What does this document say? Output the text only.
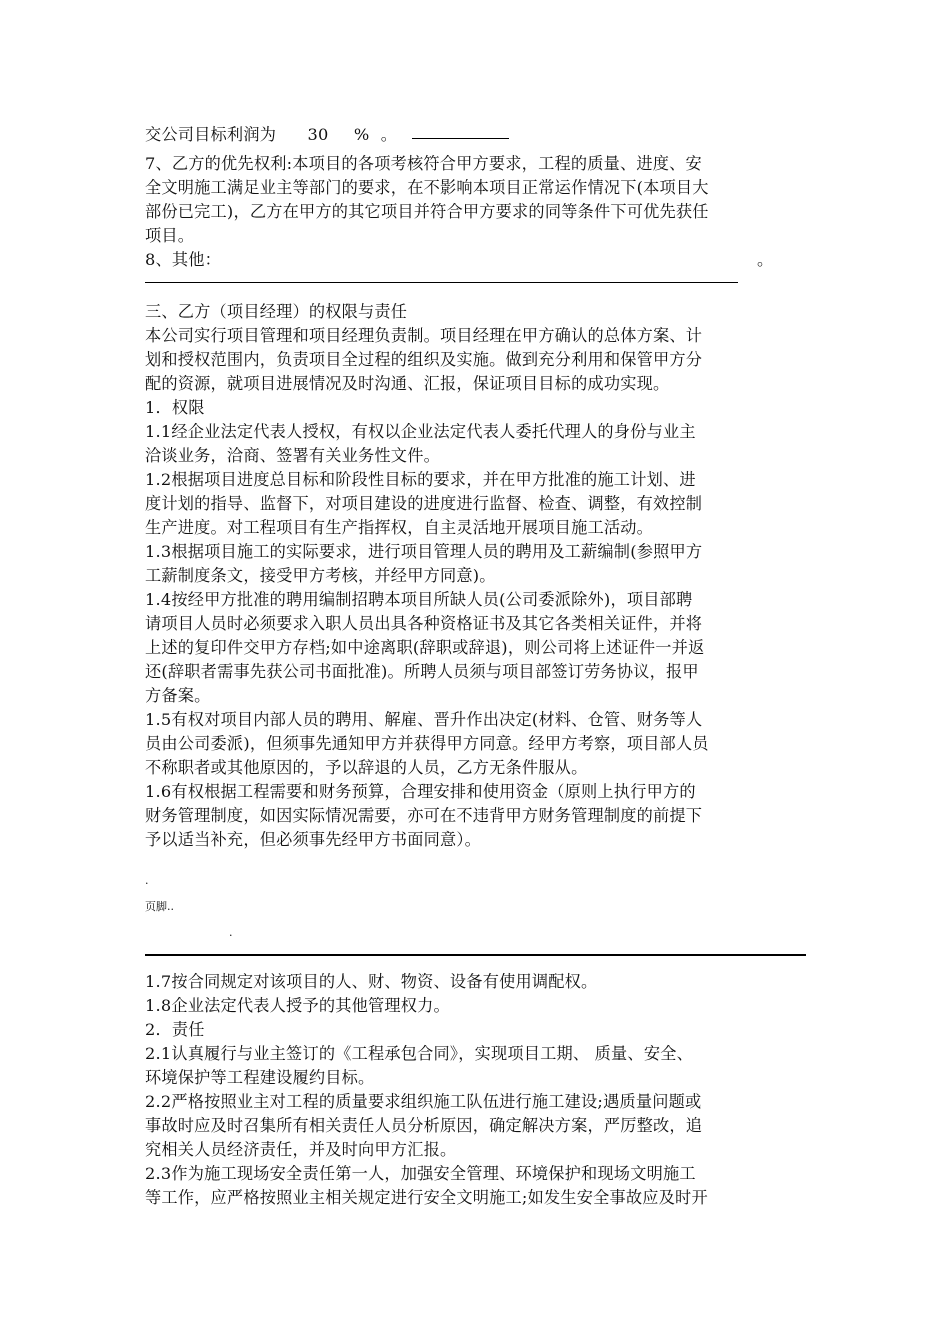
交公司目标利润为 30 % 。
7、乙方的优先权利:本项目的各项考核符合甲方要求，工程的质量、进度、安
全文明施工满足业主等部门的要求，在不影响本项目正常运作情况下(本项目大
部份已完工)，乙方在甲方的其它项目并符合甲方要求的同等条件下可优先获任
项目。
8、其他：	。
三、乙方（项目经理）的权限与责任
本公司实行项目管理和项目经理负责制。项目经理在甲方确认的总体方案、计
划和授权范围内，负责项目全过程的组织及实施。做到充分利用和保管甲方分
配的资源，就项目进展情况及时沟通、汇报，保证项目目标的成功实现。
1．权限
1.1经企业法定代表人授权，有权以企业法定代表人委托代理人的身份与业主
洽谈业务，洽商、签署有关业务性文件。
1.2根据项目进度总目标和阶段性目标的要求，并在甲方批准的施工计划、进
度计划的指导、监督下，对项目建设的进度进行监督、检查、调整，有效控制
生产进度。对工程项目有生产指挥权，自主灵活地开展项目施工活动。
1.3根据项目施工的实际要求，进行项目管理人员的聘用及工薪编制(参照甲方
工薪制度条文，接受甲方考核，并经甲方同意)。
1.4按经甲方批准的聘用编制招聘本项目所缺人员(公司委派除外)，项目部聘
请项目人员时必须要求入职人员出具各种资格证书及其它各类相关证件，并将
上述的复印件交甲方存档;如中途离职(辞职或辞退)，则公司将上述证件一并返
还(辞职者需事先获公司书面批准)。所聘人员须与项目部签订劳务协议，报甲
方备案。
1.5有权对项目内部人员的聘用、解雇、晋升作出决定(材料、仓管、财务等人
员由公司委派)，但须事先通知甲方并获得甲方同意。经甲方考察，项目部人员
不称职者或其他原因的，予以辞退的人员，乙方无条件服从。
1.6有权根据工程需要和财务预算，合理安排和使用资金（原则上执行甲方的
财务管理制度，如因实际情况需要，亦可在不违背甲方财务管理制度的前提下
予以适当补充，但必须事先经甲方书面同意）。
.
页脚..
.
1.7按合同规定对该项目的人、财、物资、设备有使用调配权。
1.8企业法定代表人授予的其他管理权力。
2．责任
2.1认真履行与业主签订的《工程承包合同》，实现项目工期、 质量、安全、
环境保护等工程建设履约目标。
2.2严格按照业主对工程的质量要求组织施工队伍进行施工建设;遇质量问题或
事故时应及时召集所有相关责任人员分析原因，确定解决方案，严厉整改，追
究相关人员经济责任，并及时向甲方汇报。
2.3作为施工现场安全责任第一人，加强安全管理、环境保护和现场文明施工
等工作，应严格按照业主相关规定进行安全文明施工;如发生安全事故应及时开
